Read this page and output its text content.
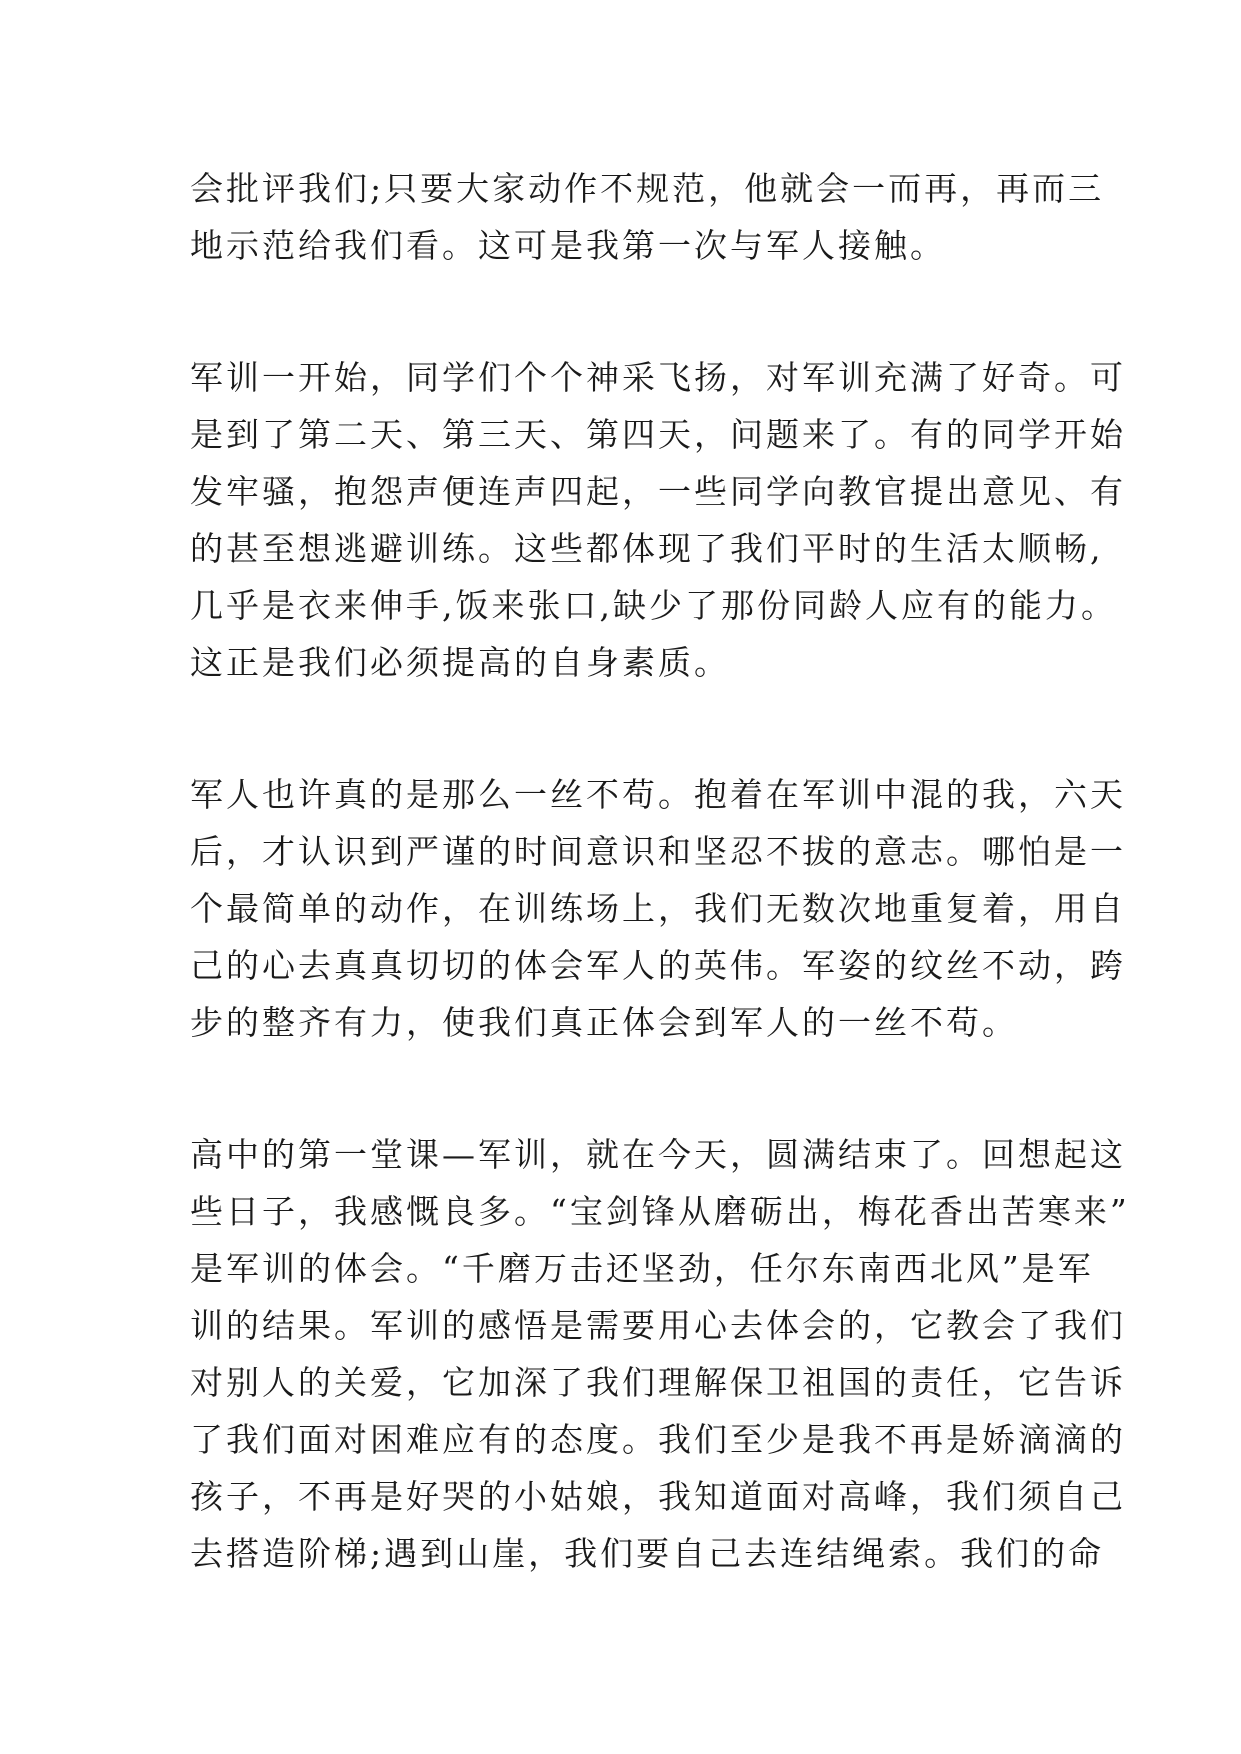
会批评我们;只要大家动作不规范，他就会一而再，再而三
地示范给我们看。这可是我第一次与军人接触。
军训一开始，同学们个个神采飞扬，对军训充满了好奇。可
是到了第二天、第三天、第四天，问题来了。有的同学开始
发牢骚，抱怨声便连声四起，一些同学向教官提出意见、有
的甚至想逃避训练。这些都体现了我们平时的生活太顺畅,
几乎是衣来伸手,饭来张口,缺少了那份同龄人应有的能力。
这正是我们必须提高的自身素质。
军人也许真的是那么一丝不苟。抱着在军训中混的我，六天
后，才认识到严谨的时间意识和坚忍不拔的意志。哪怕是一
个最简单的动作，在训练场上，我们无数次地重复着，用自
己的心去真真切切的体会军人的英伟。军姿的纹丝不动，跨
步的整齐有力，使我们真正体会到军人的一丝不苟。
高中的第一堂课—军训，就在今天，圆满结束了。回想起这
些日子，我感慨良多。“宝剑锋从磨砺出，梅花香出苦寒来”
是军训的体会。“千磨万击还坚劲，任尔东南西北风”是军
训的结果。军训的感悟是需要用心去体会的，它教会了我们
对别人的关爱，它加深了我们理解保卫祖国的责任，它告诉
了我们面对困难应有的态度。我们至少是我不再是娇滴滴的
孩子，不再是好哭的小姑娘，我知道面对高峰，我们须自己
去搭造阶梯;遇到山崖，我们要自己去连结绳索。我们的命
